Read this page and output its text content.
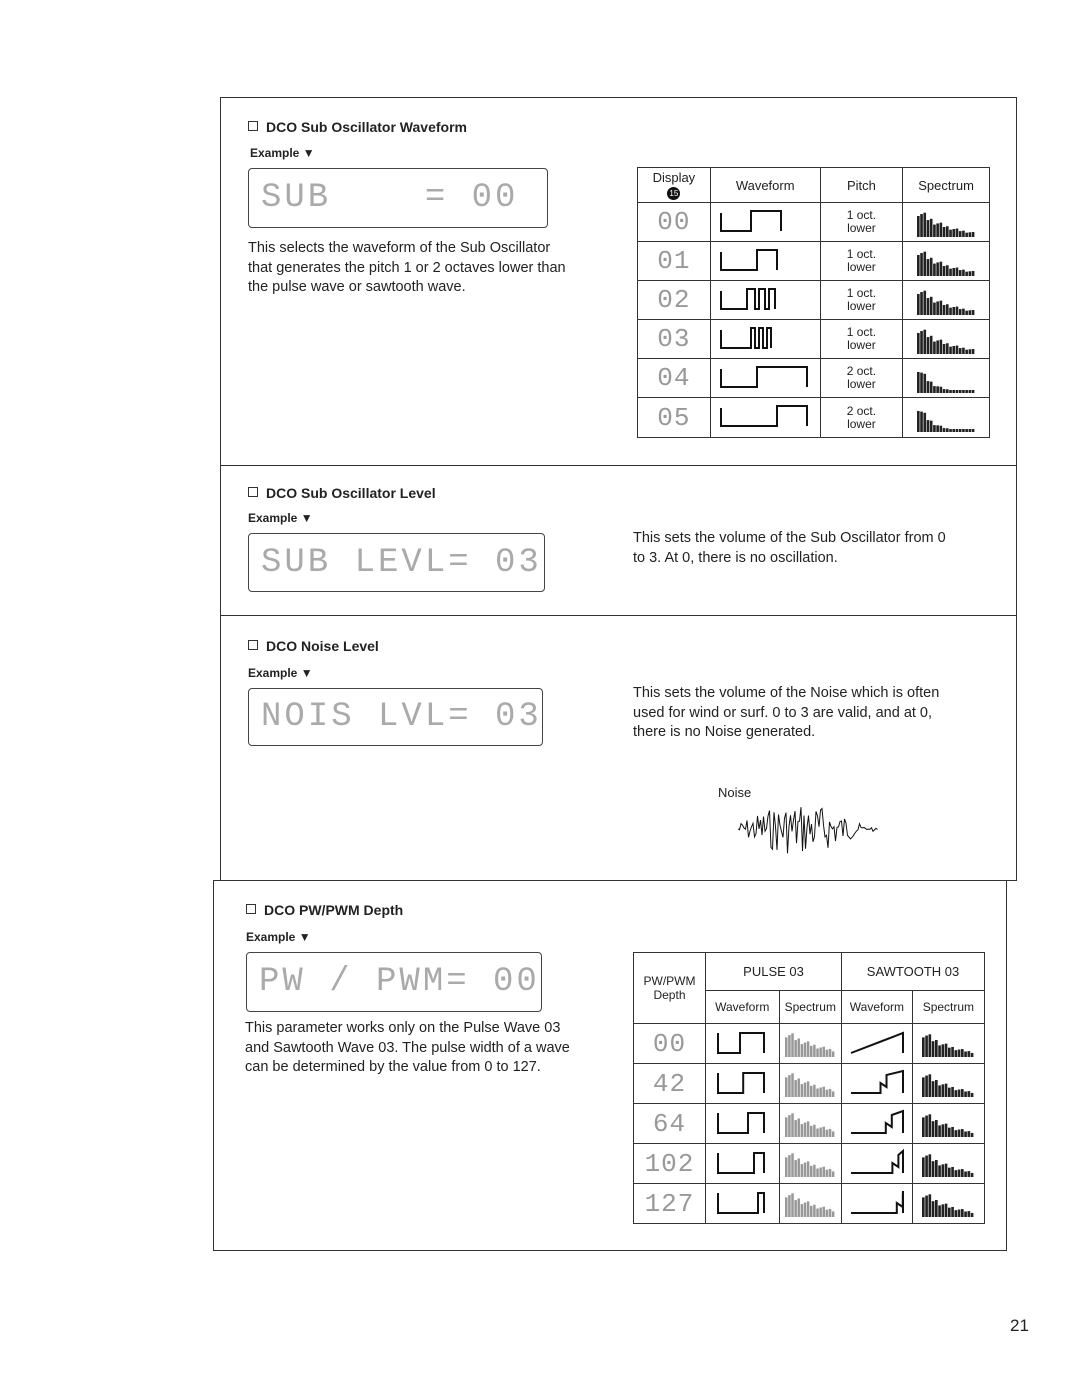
DCO Sub Oscillator Waveform
Example ▼
SUB    = 00
This selects the waveform of the Sub Oscillator
that generates the pitch 1 or 2 octaves lower than
the pulse wave or sawtooth wave.
Display
15	Waveform	Pitch	Spectrum
00		1 oct.
lower

01		1 oct.
lower

02		1 oct.
lower

03		1 oct.
lower

04		2 oct.
lower

05		2 oct.
lower

DCO Sub Oscillator Level
Example ▼
SUB LEVL= 03
This sets the volume of the Sub Oscillator from 0
to 3. At 0, there is no oscillation.
DCO Noise Level
Example ▼
NOIS LVL= 03
This sets the volume of the Noise which is often
used for wind or surf. 0 to 3 are valid, and at 0,
there is no Noise generated.
Noise
DCO PW/PWM Depth
Example ▼
PW / PWM= 00
This parameter works only on the Pulse Wave 03
and Sawtooth Wave 03. The pulse width of a wave
can be determined by the value from 0 to 127.
PW/PWM Depth	PULSE 03		SAWTOOTH 03	
	Waveform	Spectrum	Waveform	Spectrum
00				
42				
64				
102				
127				
21
